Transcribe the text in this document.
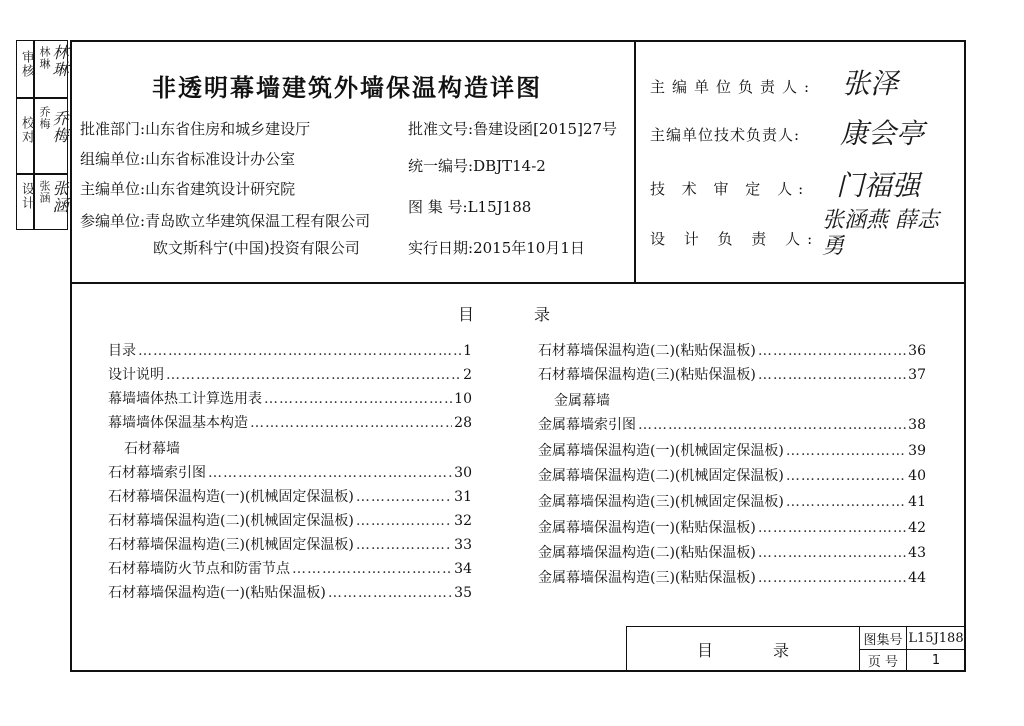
审核 林琳
校对 乔梅
设计 张涵
林琳
乔梅
张涵
非透明幕墙建筑外墙保温构造详图
批准部门:山东省住房和城乡建设厅
组编单位:山东省标准设计办公室
主编单位:山东省建筑设计研究院
参编单位:青岛欧立华建筑保温工程有限公司
欧文斯科宁(中国)投资有限公司
批准文号:鲁建设函[2015]27号
统一编号:DBJT14-2
图 集 号:L15J188
实行日期:2015年10月1日
主编单位负责人: 张泽
主编单位技术负责人: 康会亭
技 术 审 定 人: 门福强
设 计 负 责 人:
张涵燕 薛志勇
目录
目录 …………………………………………………………………………………………………………………………	1
设计说明 …………………………………………………………………………………………………………………………	2
幕墙墙体热工计算选用表 …………………………………………………………………………………………………………………………	10
幕墙墙体保温基本构造 …………………………………………………………………………………………………………………………	28
石材幕墙
石材幕墙索引图 …………………………………………………………………………………………………………………………	30
石材幕墙保温构造(一)(机械固定保温板) …………………………………………………………………………………………………………………………	31
石材幕墙保温构造(二)(机械固定保温板) …………………………………………………………………………………………………………………………	32
石材幕墙保温构造(三)(机械固定保温板) …………………………………………………………………………………………………………………………	33
石材幕墙防火节点和防雷节点 …………………………………………………………………………………………………………………………	34
石材幕墙保温构造(一)(粘贴保温板) …………………………………………………………………………………………………………………………	35
石材幕墙保温构造(二)(粘贴保温板) …………………………………………………………………………………………………………………………	36
石材幕墙保温构造(三)(粘贴保温板) …………………………………………………………………………………………………………………………	37
金属幕墙
金属幕墙索引图 …………………………………………………………………………………………………………………………	38
金属幕墙保温构造(一)(机械固定保温板) …………………………………………………………………………………………………………………………	39
金属幕墙保温构造(二)(机械固定保温板) …………………………………………………………………………………………………………………………	40
金属幕墙保温构造(三)(机械固定保温板) …………………………………………………………………………………………………………………………	41
金属幕墙保温构造(一)(粘贴保温板) …………………………………………………………………………………………………………………………	42
金属幕墙保温构造(二)(粘贴保温板) …………………………………………………………………………………………………………………………	43
金属幕墙保温构造(三)(粘贴保温板) …………………………………………………………………………………………………………………………	44
目录
图集号 L15J188
页 号	1
